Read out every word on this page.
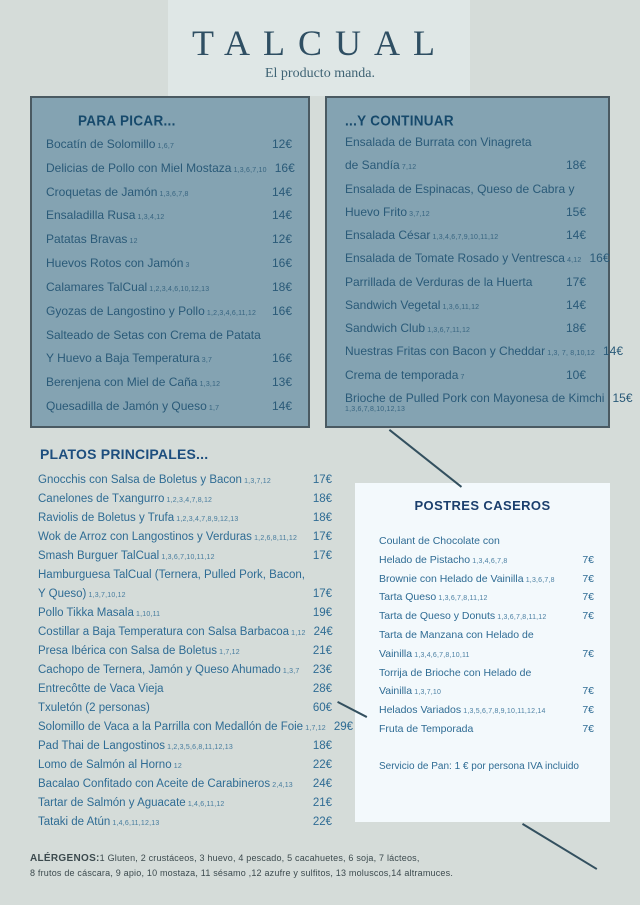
TALCUAL
El producto manda.
PARA PICAR...
Bocatín de Solomillo 1,6,7	12€
Delicias de Pollo con Miel Mostaza 1,3,6,7,10 16€
Croquetas de Jamón 1,3,6,7,8	14€
Ensaladilla Rusa 1,3,4,12	14€
Patatas Bravas 12	12€
Huevos Rotos con Jamón 3	16€
Calamares TalCual 1,2,3,4,6,10,12,13	18€
Gyozas de Langostino y Pollo 1,2,3,4,6,11,12 16€
Salteado de Setas con Crema de Patata
Y Huevo a Baja Temperatura 3,7	16€
Berenjena con Miel de Caña 1,3,12	13€
Quesadilla de Jamón y Queso 1,7	14€
...Y CONTINUAR
Ensalada de Burrata con Vinagreta
de Sandía 7,12	18€
Ensalada de Espinacas, Queso de Cabra y
Huevo Frito 3,7,12	15€
Ensalada César 1,3,4,6,7,9,10,11,12	14€
Ensalada de Tomate Rosado y Ventresca 4,12 16€
Parrillada de Verduras de la Huerta	17€
Sandwich Vegetal 1,3,6,11,12	14€
Sandwich Club 1,3,6,7,11,12	18€
Nuestras Fritas con Bacon y Cheddar 1,3, 7, 8,10,12 14€
Crema de temporada 7	10€
Brioche de Pulled Pork con Mayonesa de Kimchi 15€
1,3,6,7,8,10,12,13
PLATOS PRINCIPALES...
Gnocchis con Salsa de Boletus y Bacon 1,3,7,12	17€
Canelones de Txangurro 1,2,3,4,7,8,12	18€
Raviolis de Boletus y Trufa 1,2,3,4,7,8,9,12,13	18€
Wok de Arroz con Langostinos y Verduras 1,2,6,8,11,12 17€
Smash Burguer TalCual 1,3,6,7,10,11,12	17€
Hamburguesa TalCual (Ternera, Pulled Pork, Bacon,
Y Queso) 1,3,7,10,12	17€
Pollo Tikka Masala 1,10,11	19€
Costillar a Baja Temperatura con Salsa Barbacoa 1,12 24€
Presa Ibérica con Salsa de Boletus 1,7,12	21€
Cachopo de Ternera, Jamón y Queso Ahumado 1,3,7 23€
Entrecôtte de Vaca Vieja	28€
Txuletón (2 personas)	60€
Solomillo de Vaca a la Parrilla con Medallón de Foie 1,7,12 29€
Pad Thai de Langostinos 1,2,3,5,6,8,11,12,13	18€
Lomo de Salmón al Horno 12	22€
Bacalao Confitado con Aceite de Carabineros 2,4,13 24€
Tartar de Salmón y Aguacate 1,4,6,11,12	21€
Tataki de Atún 1,4,6,11,12,13	22€
POSTRES CASEROS
Coulant de Chocolate con
Helado de Pistacho 1,3,4,6,7,8	7€
Brownie con Helado de Vainilla 1,3,6,7,8	7€
Tarta Queso 1,3,6,7,8,11,12	7€
Tarta de Queso y Donuts 1,3,6,7,8,11,12	7€
Tarta de Manzana con Helado de
Vainilla 1,3,4,6,7,8,10,11	7€
Torrija de Brioche con Helado de
Vainilla 1,3,7,10	7€
Helados Variados 1,3,5,6,7,8,9,10,11,12,14	7€
Fruta de Temporada	7€
Servicio de Pan: 1 € por persona IVA incluido
ALÉRGENOS:1 Gluten, 2 crustáceos, 3 huevo, 4 pescado, 5 cacahuetes, 6 soja, 7 lácteos,
8 frutos de cáscara, 9 apio, 10 mostaza, 11 sésamo ,12 azufre y sulfitos, 13 moluscos,14 altramuces.
